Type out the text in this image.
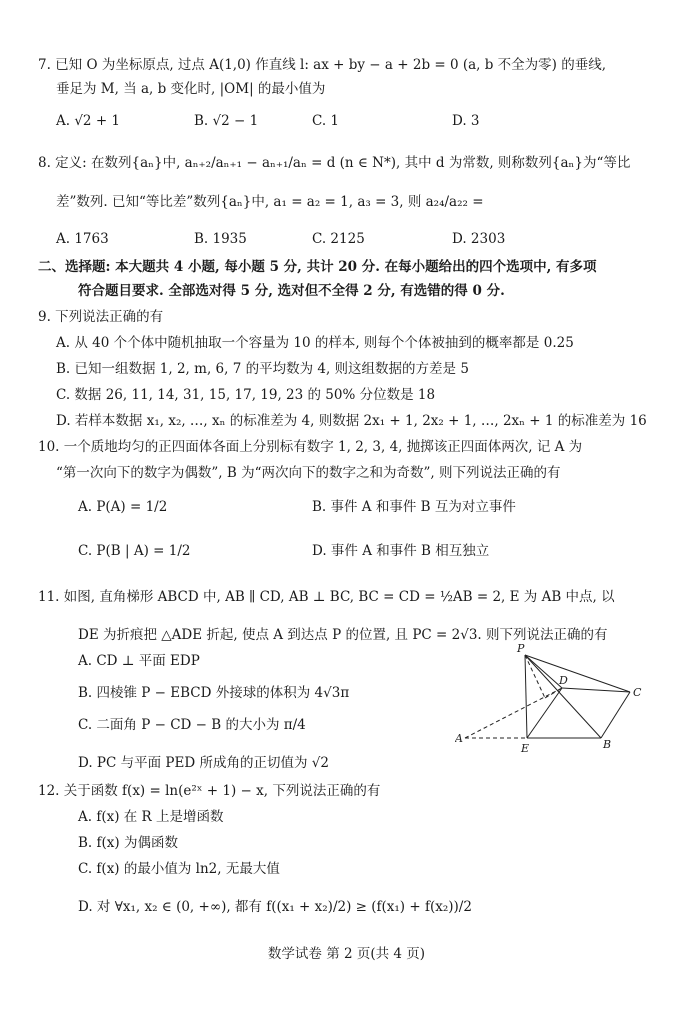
7. 已知 O 为坐标原点, 过点 A(1,0) 作直线 l: ax + by − a + 2b = 0 (a, b 不全为零) 的垂线,
垂足为 M, 当 a, b 变化时, |OM| 的最小值为
A. √2 + 1	B. √2 − 1	C. 1	D. 3
8. 定义: 在数列{aₙ}中, aₙ₊₂/aₙ₊₁ − aₙ₊₁/aₙ = d (n ∈ N*), 其中 d 为常数, 则称数列{aₙ}为“等比
差”数列. 已知“等比差”数列{aₙ}中, a₁ = a₂ = 1, a₃ = 3, 则 a₂₄/a₂₂ =
A. 1763	B. 1935	C. 2125	D. 2303
二、选择题: 本大题共 4 小题, 每小题 5 分, 共计 20 分. 在每小题给出的四个选项中, 有多项
符合题目要求. 全部选对得 5 分, 选对但不全得 2 分, 有选错的得 0 分.
9. 下列说法正确的有
A. 从 40 个个体中随机抽取一个容量为 10 的样本, 则每个个体被抽到的概率都是 0.25
B. 已知一组数据 1, 2, m, 6, 7 的平均数为 4, 则这组数据的方差是 5
C. 数据 26, 11, 14, 31, 15, 17, 19, 23 的 50% 分位数是 18
D. 若样本数据 x₁, x₂, …, xₙ 的标准差为 4, 则数据 2x₁ + 1, 2x₂ + 1, …, 2xₙ + 1 的标准差为 16
10. 一个质地均匀的正四面体各面上分别标有数字 1, 2, 3, 4, 抛掷该正四面体两次, 记 A 为
“第一次向下的数字为偶数”, B 为“两次向下的数字之和为奇数”, 则下列说法正确的有
A. P(A) = 1/2	B. 事件 A 和事件 B 互为对立事件
C. P(B | A) = 1/2	D. 事件 A 和事件 B 相互独立
11. 如图, 直角梯形 ABCD 中, AB ∥ CD, AB ⊥ BC, BC = CD = ½AB = 2, E 为 AB 中点, 以
DE 为折痕把 △ADE 折起, 使点 A 到达点 P 的位置, 且 PC = 2√3. 则下列说法正确的有
A. CD ⊥ 平面 EDP
B. 四棱锥 P − EBCD 外接球的体积为 4√3π
C. 二面角 P − CD − B 的大小为 π/4
D. PC 与平面 PED 所成角的正切值为 √2
P
D
C
A
E	B
12. 关于函数 f(x) = ln(e²ˣ + 1) − x, 下列说法正确的有
A. f(x) 在 R 上是增函数
B. f(x) 为偶函数
C. f(x) 的最小值为 ln2, 无最大值
D. 对 ∀x₁, x₂ ∈ (0, +∞), 都有 f((x₁ + x₂)/2) ≥ (f(x₁) + f(x₂))/2
数学试卷 第 2 页(共 4 页)
